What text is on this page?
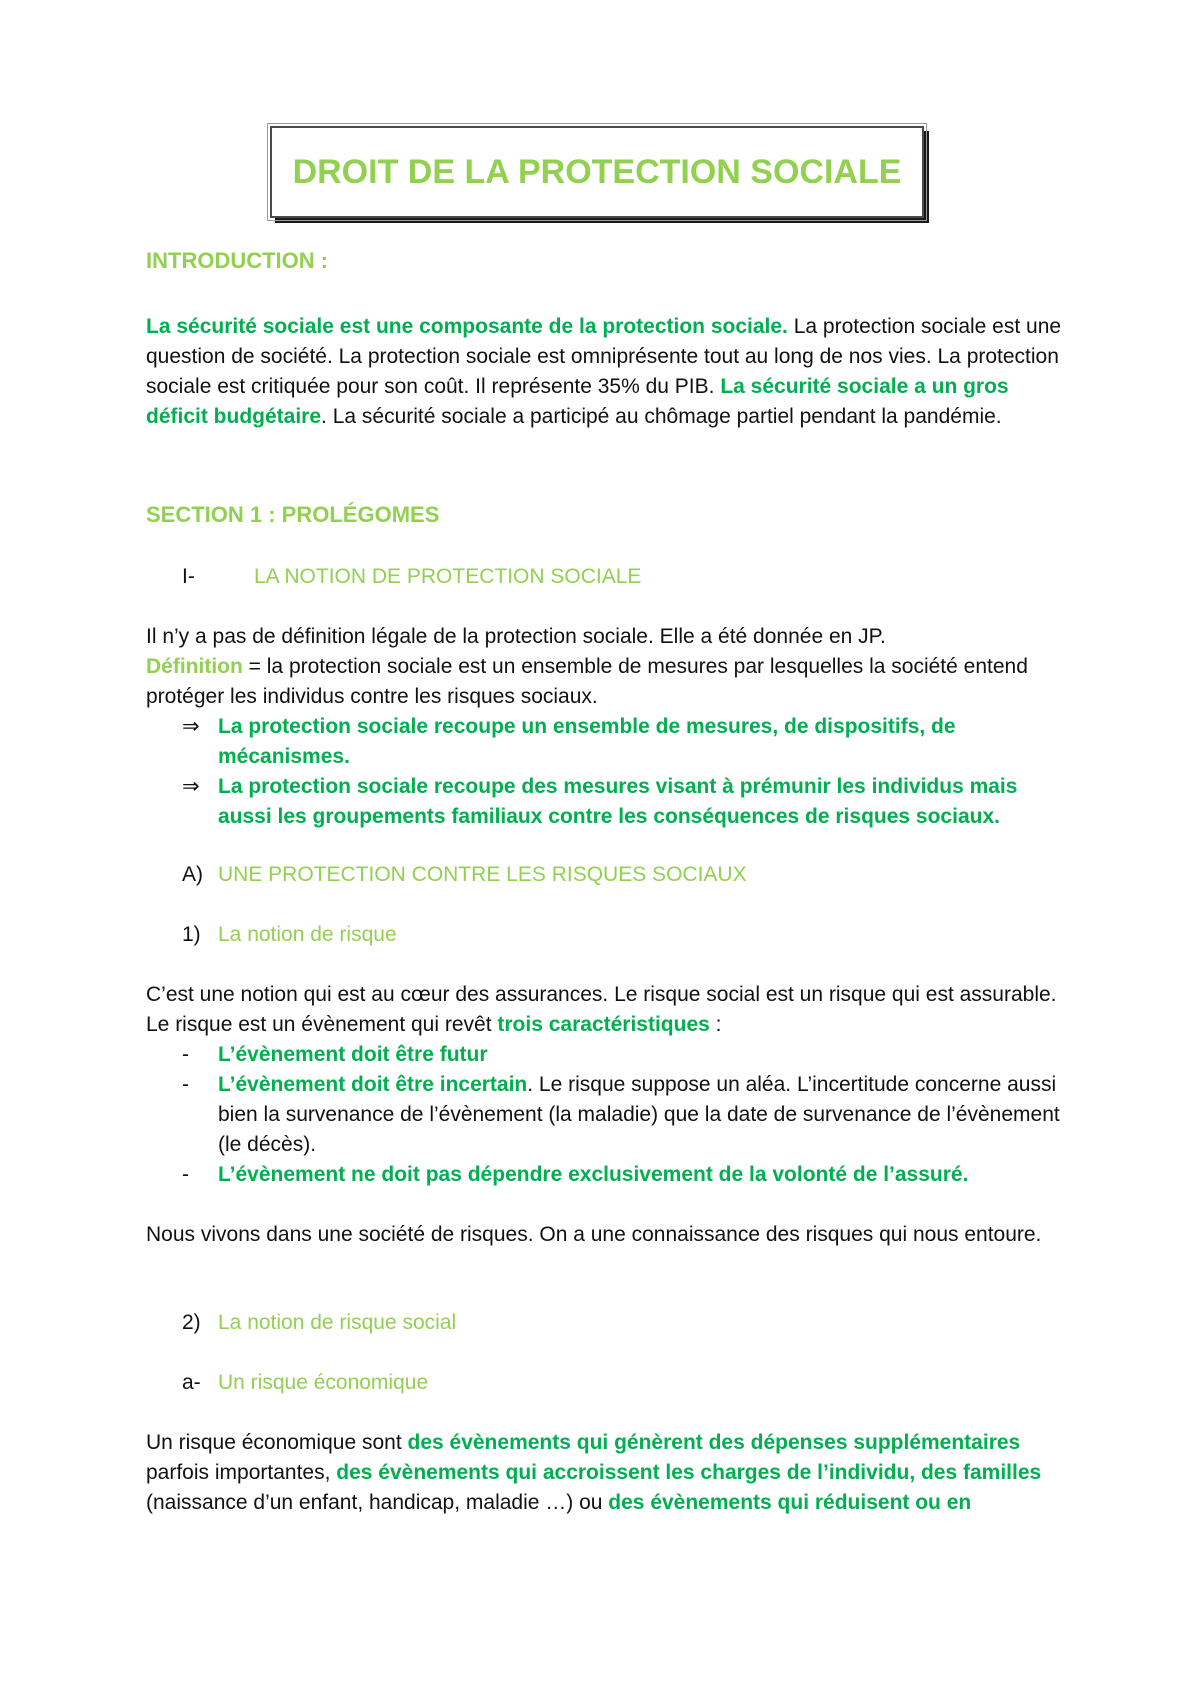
DROIT DE LA PROTECTION SOCIALE
INTRODUCTION :
La sécurité sociale est une composante de la protection sociale. La protection sociale est une question de société. La protection sociale est omniprésente tout au long de nos vies. La protection sociale est critiquée pour son coût. Il représente 35% du PIB. La sécurité sociale a un gros déficit budgétaire. La sécurité sociale a participé au chômage partiel pendant la pandémie.
SECTION 1 : PROLÉGOMES
I-	LA NOTION DE PROTECTION SOCIALE
Il n’y a pas de définition légale de la protection sociale. Elle a été donnée en JP.
Définition = la protection sociale est un ensemble de mesures par lesquelles la société entend protéger les individus contre les risques sociaux.
⇒ La protection sociale recoupe un ensemble de mesures, de dispositifs, de mécanismes.
⇒ La protection sociale recoupe des mesures visant à prémunir les individus mais aussi les groupements familiaux contre les conséquences de risques sociaux.
A) UNE PROTECTION CONTRE LES RISQUES SOCIAUX
1) La notion de risque
C’est une notion qui est au cœur des assurances. Le risque social est un risque qui est assurable. Le risque est un évènement qui revêt trois caractéristiques :
- L’évènement doit être futur
- L’évènement doit être incertain. Le risque suppose un aléa. L’incertitude concerne aussi bien la survenance de l’évènement (la maladie) que la date de survenance de l’évènement (le décès).
- L’évènement ne doit pas dépendre exclusivement de la volonté de l’assuré.
Nous vivons dans une société de risques. On a une connaissance des risques qui nous entoure.
2) La notion de risque social
a- Un risque économique
Un risque économique sont des évènements qui génèrent des dépenses supplémentaires parfois importantes, des évènements qui accroissent les charges de l’individu, des familles (naissance d’un enfant, handicap, maladie …) ou des évènements qui réduisent ou en
